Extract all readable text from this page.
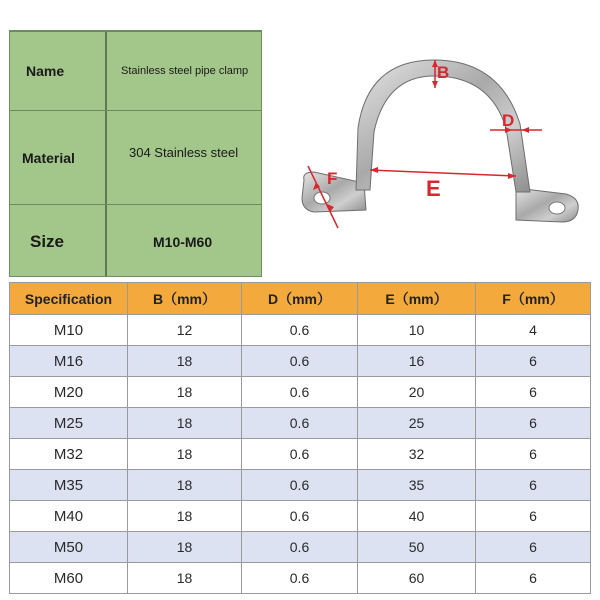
Name	Stainless steel pipe clamp
Material	304 Stainless steel
Size	M10-M60
B
D
E
F
Specification	B（mm）	D（mm）	E（mm）	F（mm）
M10	12	0.6	10	4
M16	18	0.6	16	6
M20	18	0.6	20	6
M25	18	0.6	25	6
M32	18	0.6	32	6
M35	18	0.6	35	6
M40	18	0.6	40	6
M50	18	0.6	50	6
M60	18	0.6	60	6
